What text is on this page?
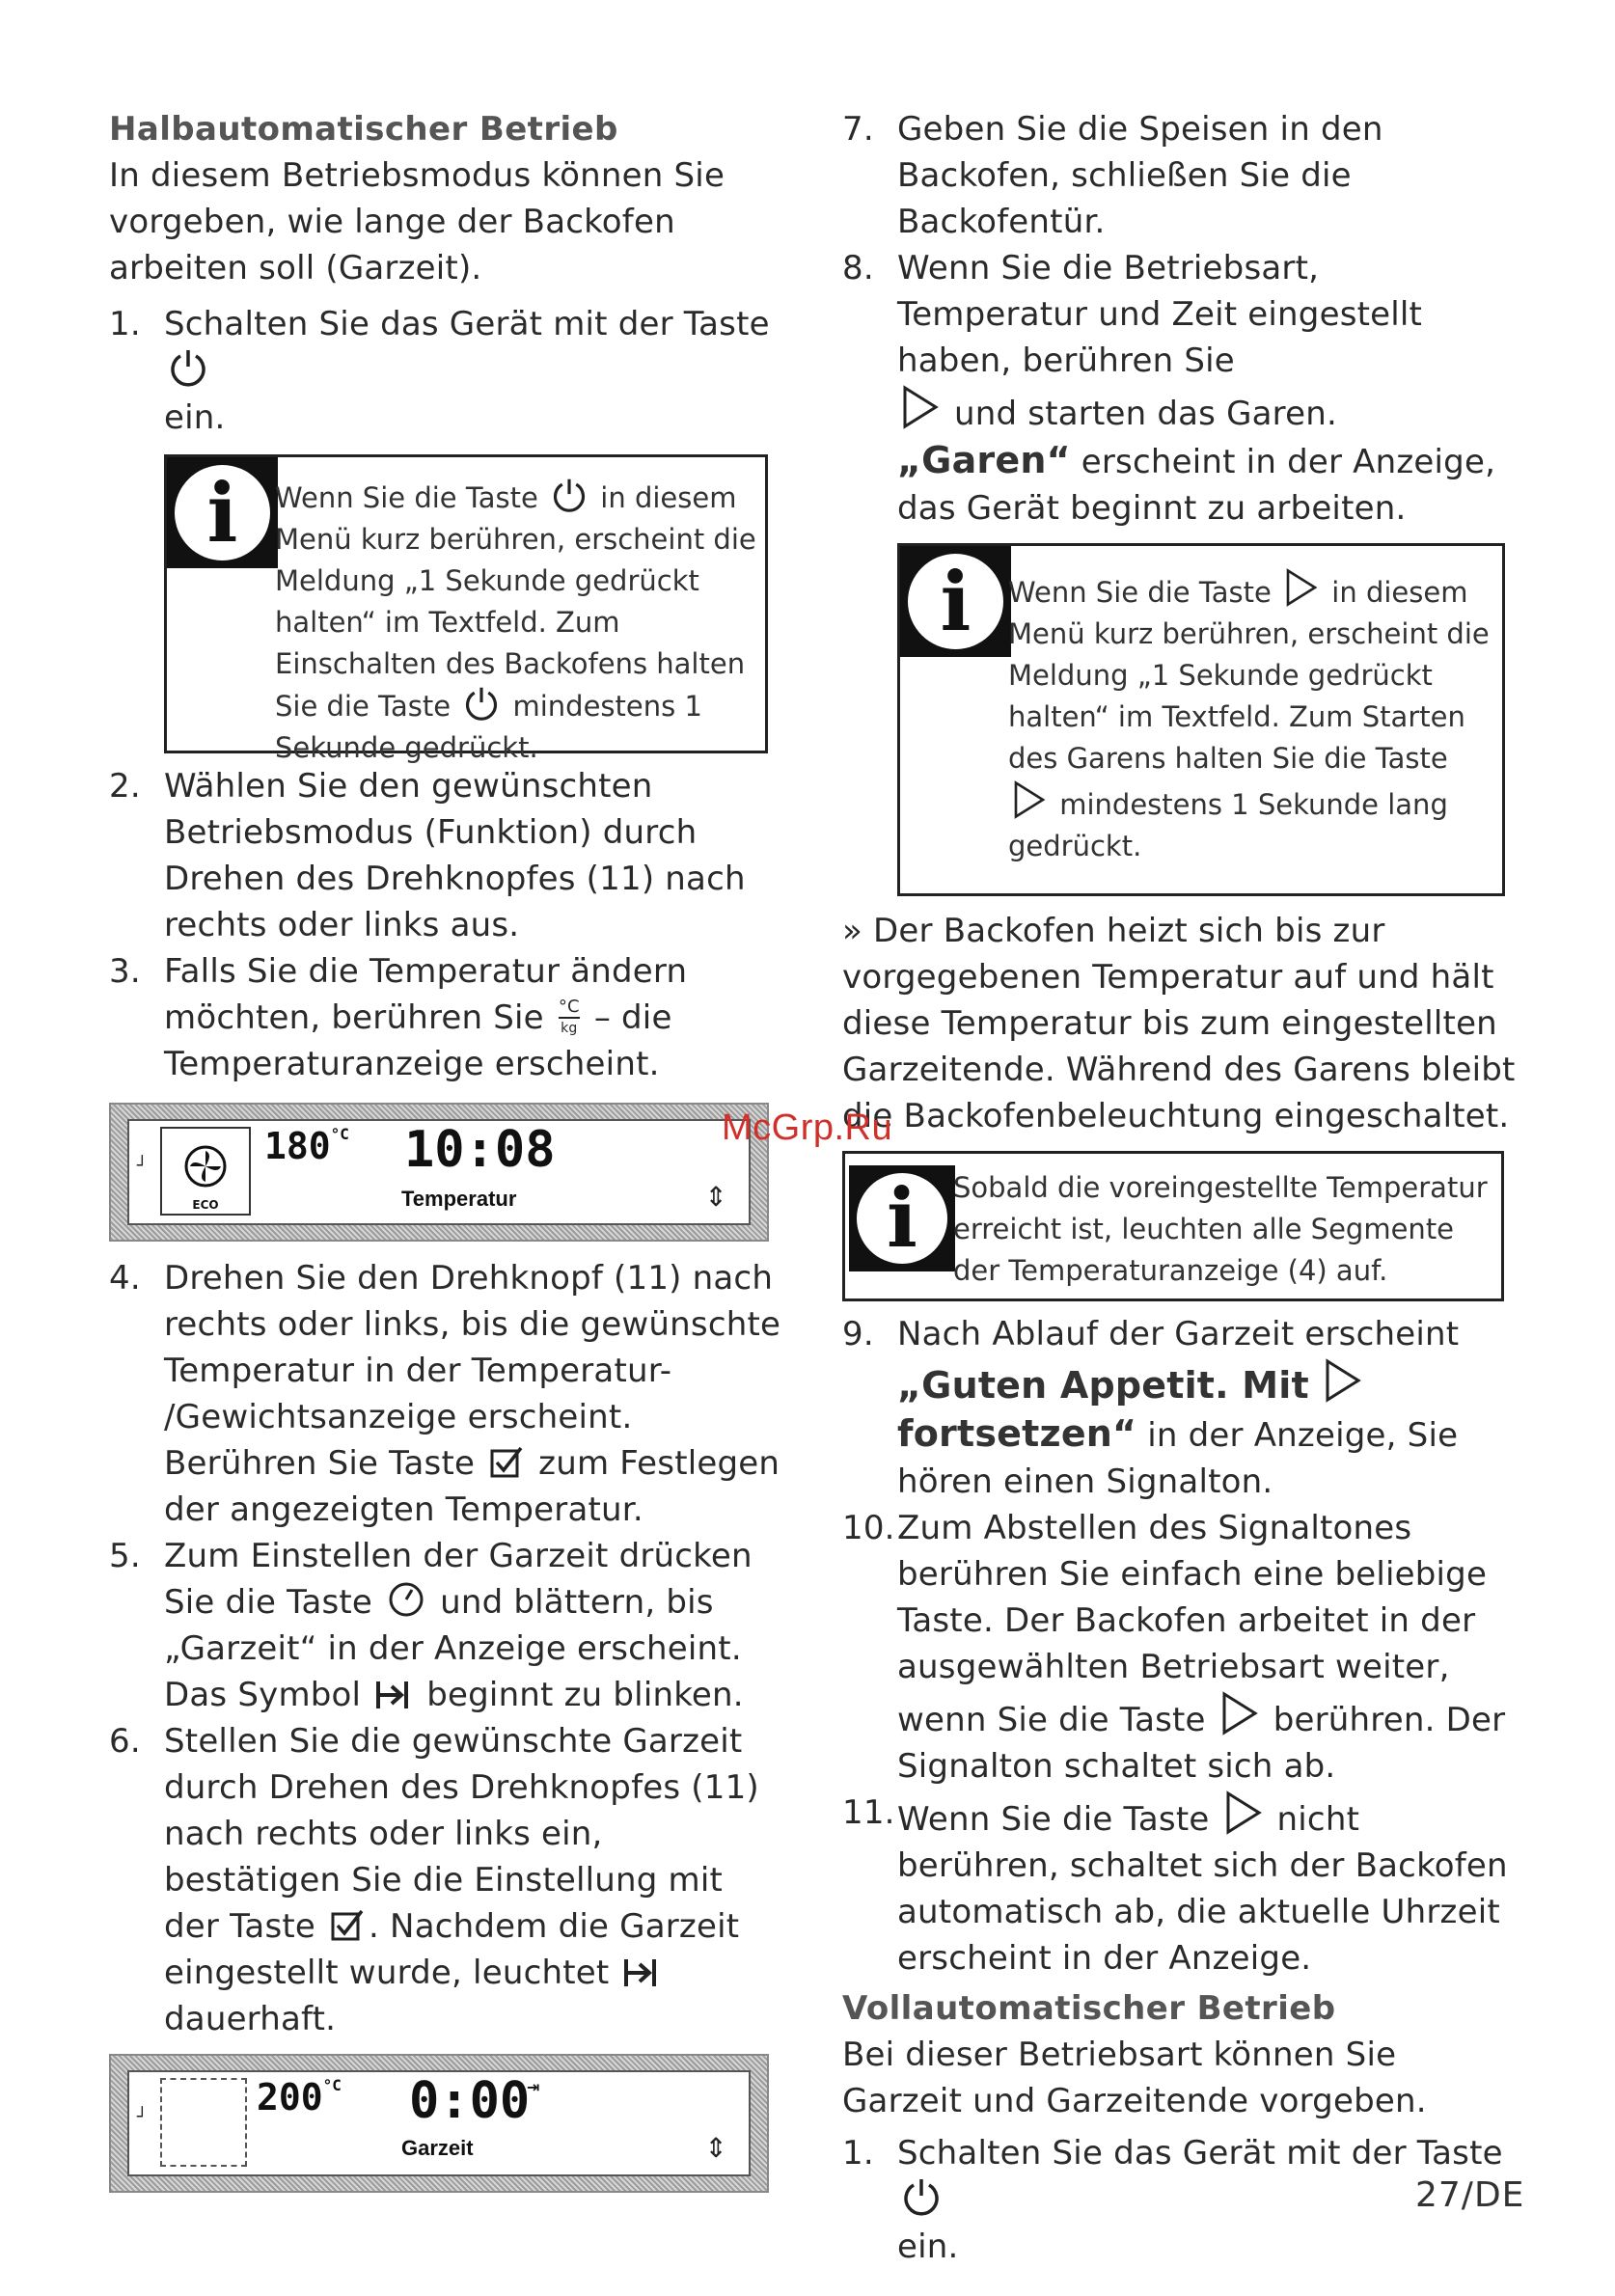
Halbautomatischer Betrieb
In diesem Betriebsmodus können Sie vorgeben, wie lange der Backofen arbeiten soll (Garzeit).
1. Schalten Sie das Gerät mit der Taste
ein.
i	Wenn Sie die Taste in diesem Menü kurz berühren, erscheint die Meldung „1 Sekunde gedrückt halten“ im Textfeld. Zum Einschalten des Backofens halten Sie die Taste mindestens 1 Sekunde gedrückt.
2. Wählen Sie den gewünschten Betriebsmodus (Funktion) durch Drehen des Drehknopfes (11) nach rechts oder links aus.
3. Falls Sie die Temperatur ändern möchten, berühren Sie °C
kg – die Temperaturanzeige erscheint.
┘
ECO
$180^{^\circ C}$ 10:08
Temperatur	⇕
4. Drehen Sie den Drehknopf (11) nach rechts oder links, bis die gewünschte Temperatur in der Temperatur- /Gewichtsanzeige erscheint. Berühren Sie Taste zum Festlegen der angezeigten Temperatur.
5. Zum Einstellen der Garzeit drücken Sie die Taste und blättern, bis „Garzeit“ in der Anzeige erscheint. Das Symbol beginnt zu blinken.
6. Stellen Sie die gewünschte Garzeit durch Drehen des Drehknopfes (11) nach rechts oder links ein, bestätigen Sie die Einstellung mit der Taste . Nachdem die Garzeit eingestellt wurde, leuchtet  dauerhaft.
┘	$200^{^\circ C}$ 0:00
⇥
Garzeit	⇕
7. Geben Sie die Speisen in den Backofen, schließen Sie die Backofentür.
8. Wenn Sie die Betriebsart, Temperatur und Zeit eingestellt haben, berühren Sie
und starten das Garen.
„Garen“ erscheint in der Anzeige, das Gerät beginnt zu arbeiten.
i	Wenn Sie die Taste in diesem Menü kurz berühren, erscheint die Meldung „1 Sekunde gedrückt halten“ im Textfeld. Zum Starten des Garens halten Sie die Taste  mindestens 1 Sekunde lang gedrückt.
» Der Backofen heizt sich bis zur vorgegebenen Temperatur auf und hält diese Temperatur bis zum eingestellten Garzeitende. Während des Garens bleibt die Backofenbeleuchtung eingeschaltet.
i	Sobald die voreingestellte Temperatur erreicht ist, leuchten alle Segmente der Temperaturanzeige (4) auf.
9. Nach Ablauf der Garzeit erscheint
„Guten Appetit. Mit
fortsetzen“ in der Anzeige, Sie hören einen Signalton.
10. Zum Abstellen des Signaltones berühren Sie einfach eine beliebige Taste. Der Backofen arbeitet in der ausgewählten Betriebsart weiter, wenn Sie die Taste berühren. Der Signalton schaltet sich ab.
11. Wenn Sie die Taste nicht berühren, schaltet sich der Backofen automatisch ab, die aktuelle Uhrzeit erscheint in der Anzeige.
Vollautomatischer Betrieb
Bei dieser Betriebsart können Sie Garzeit und Garzeitende vorgeben.
1. Schalten Sie das Gerät mit der Taste
ein.
McGrp.Ru
27/DE
